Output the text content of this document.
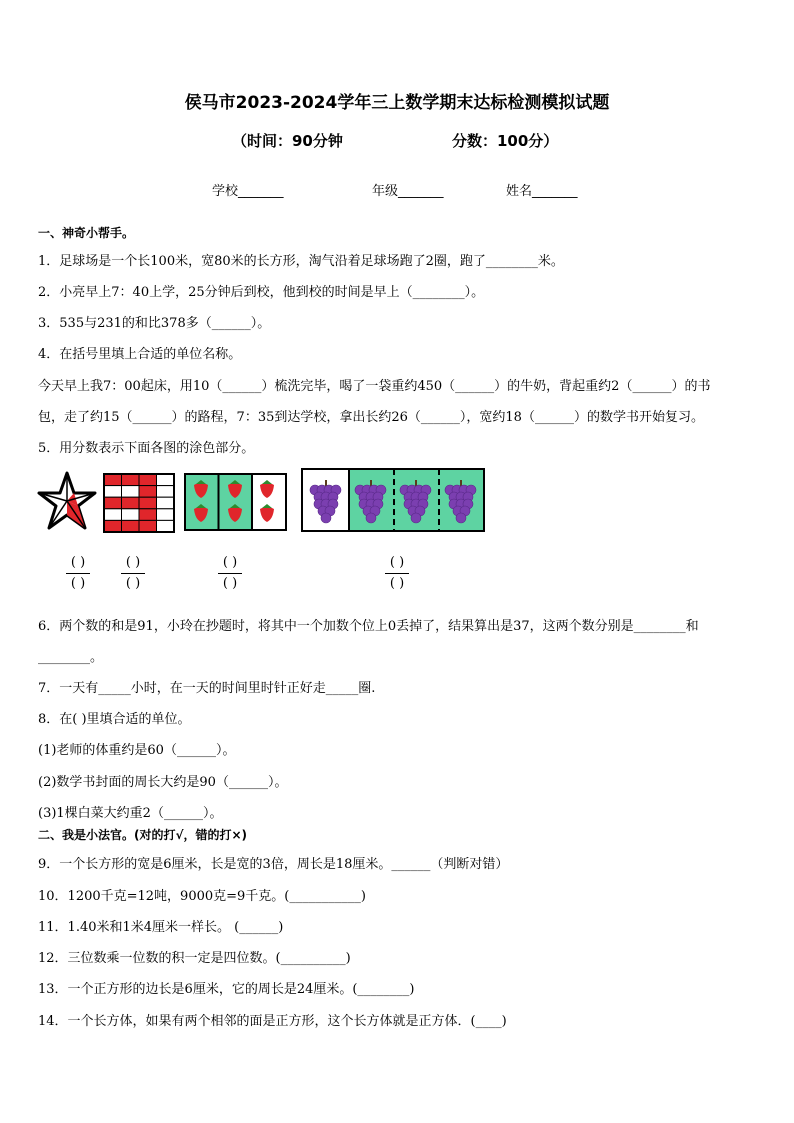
侯马市2023-2024学年三上数学期末达标检测模拟试题
（时间：90分钟	分数：100分）
学校_______	年级_______	姓名_______
一、神奇小帮手。
1．足球场是一个长100米，宽80米的长方形，淘气沿着足球场跑了2圈，跑了________米。
2．小亮早上7：40上学，25分钟后到校，他到校的时间是早上（________）。
3．535与231的和比378多（______）。
4．在括号里填上合适的单位名称。
今天早上我7：00起床，用10（______）梳洗完毕，喝了一袋重约450（______）的牛奶，背起重约2（______）的书
包，走了约15（______）的路程，7：35到达学校，拿出长约26（______），宽约18（______）的数学书开始复习。
5．用分数表示下面各图的涂色部分。
( )
( )
( )
( )
( )
( )
( )
( )
6．两个数的和是91，小玲在抄题时，将其中一个加数个位上0丢掉了，结果算出是37，这两个数分别是________和
________。
7．一天有_____小时，在一天的时间里时针正好走_____圈.
8．在( )里填合适的单位。
(1)老师的体重约是60（______）。
(2)数学书封面的周长大约是90（______）。
(3)1棵白菜大约重2（______）。
二、我是小法官。(对的打√，错的打×)
9．一个长方形的宽是6厘米，长是宽的3倍，周长是18厘米。______（判断对错）
10．1200千克=12吨，9000克=9千克。(___________)
11．1.40米和1米4厘米一样长。 (______)
12．三位数乘一位数的积一定是四位数。(__________)
13．一个正方形的边长是6厘米，它的周长是24厘米。(________)
14．一个长方体，如果有两个相邻的面是正方形，这个长方体就是正方体．(____)
